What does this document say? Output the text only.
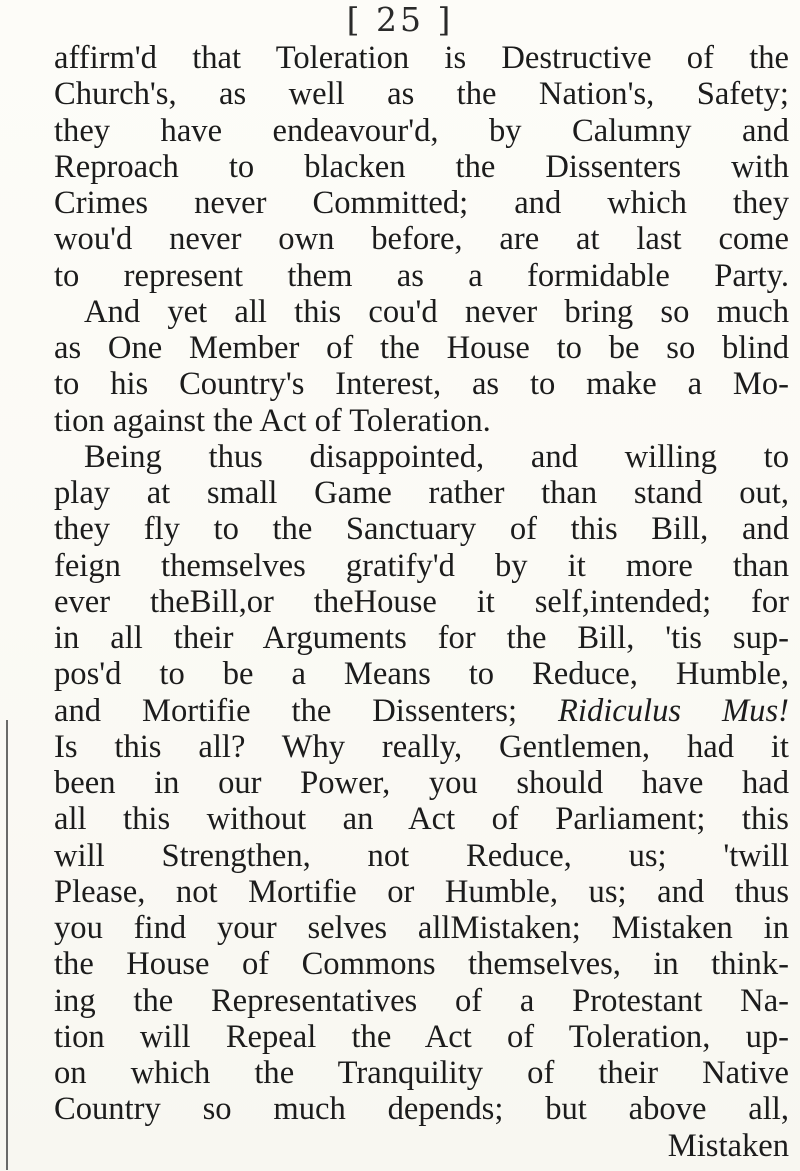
[ 25 ]
affirm'd that Toleration is Destructive of the
Church's, as well as the Nation's, Safety;
they have endeavour'd, by Calumny and
Reproach to blacken the Dissenters with
Crimes never Committed; and which they
wou'd never own before, are at last come
to represent them as a formidable Party.
And yet all this cou'd never bring so much
as One Member of the House to be so blind
to his Country's Interest, as to make a Mo-
tion against the Act of Toleration.
Being thus disappointed, and willing to
play at small Game rather than stand out,
they fly to the Sanctuary of this Bill, and
feign themselves gratify'd by it more than
ever theBill,or theHouse it self,intended; for
in all their Arguments for the Bill, 'tis sup-
pos'd to be a Means to Reduce, Humble,
and Mortifie the Dissenters; Ridiculus Mus!
Is this all? Why really, Gentlemen, had it
been in our Power, you should have had
all this without an Act of Parliament; this
will Strengthen, not Reduce, us; 'twill
Please, not Mortifie or Humble, us; and thus
you find your selves allMistaken; Mistaken in
the House of Commons themselves, in think-
ing the Representatives of a Protestant Na-
tion will Repeal the Act of Toleration, up-
on which the Tranquility of their Native
Country so much depends; but above all,
Mistaken
